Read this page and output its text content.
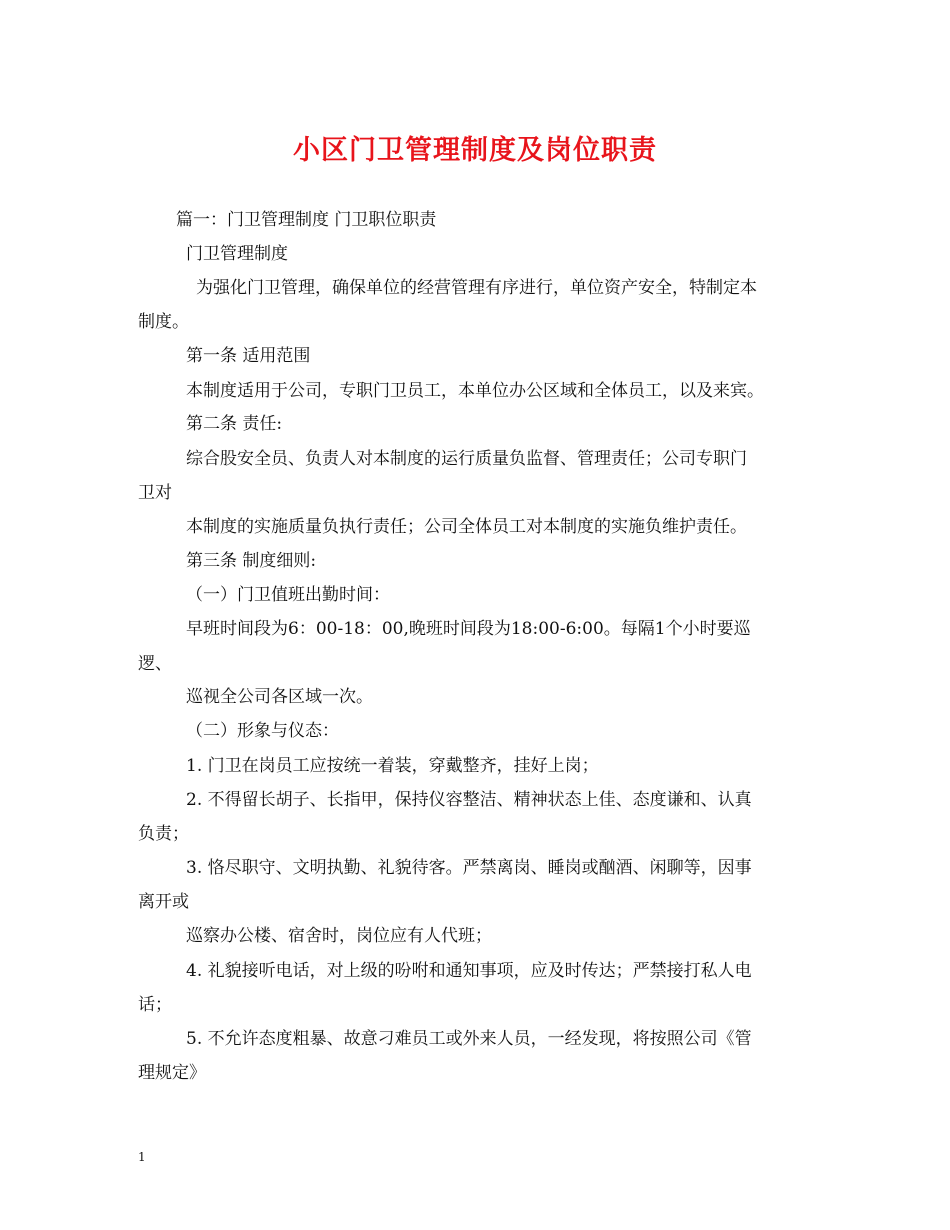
小区门卫管理制度及岗位职责
篇一：门卫管理制度 门卫职位职责
门卫管理制度
为强化门卫管理，确保单位的经营管理有序进行，单位资产安全，特制定本
制度。
第一条 适用范围
本制度适用于公司，专职门卫员工，本单位办公区域和全体员工，以及来宾。
第二条 责任:
综合股安全员、负责人对本制度的运行质量负监督、管理责任；公司专职门
卫对
本制度的实施质量负执行责任；公司全体员工对本制度的实施负维护责任。
第三条 制度细则:
（一）门卫值班出勤时间：
早班时间段为6：00-18：00,晚班时间段为18:00-6:00。每隔1个小时要巡
逻、
巡视全公司各区域一次。
（二）形象与仪态：
1. 门卫在岗员工应按统一着装，穿戴整齐，挂好上岗；
2. 不得留长胡子、长指甲，保持仪容整洁、精神状态上佳、态度谦和、认真
负责；
3. 恪尽职守、文明执勤、礼貌待客。严禁离岗、睡岗或酗酒、闲聊等，因事
离开或
巡察办公楼、宿舍时，岗位应有人代班；
4. 礼貌接听电话，对上级的吩咐和通知事项，应及时传达；严禁接打私人电
话；
5. 不允许态度粗暴、故意刁难员工或外来人员，一经发现，将按照公司《管
理规定》
1
